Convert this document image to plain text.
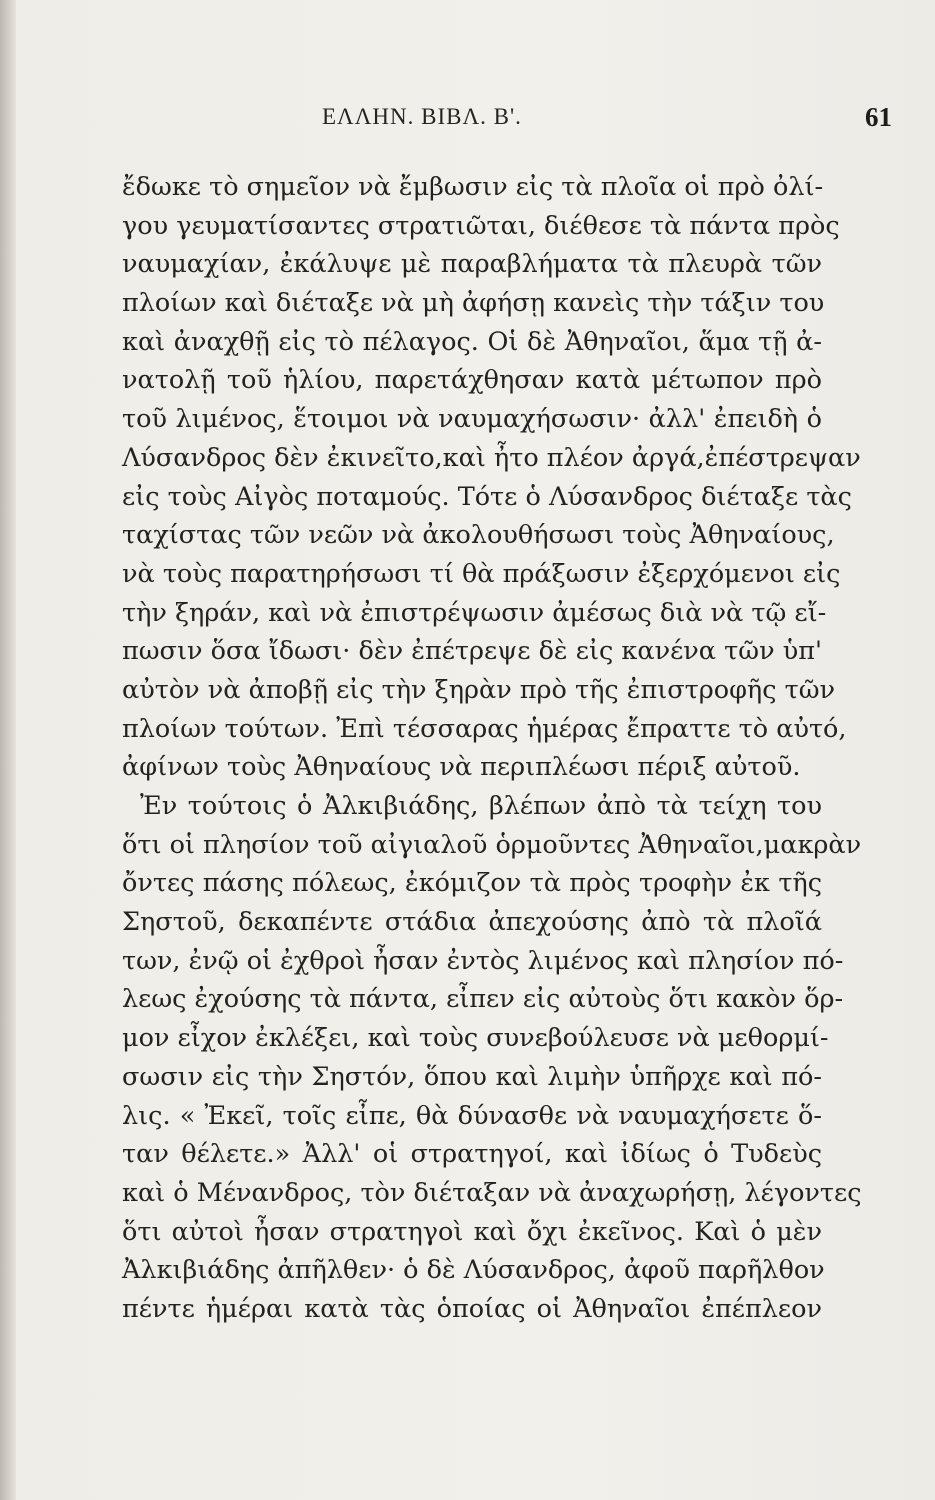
ΕΛΛΗΝ. ΒΙΒΛ. Β'.	61
ἔδωκε τὸ σημεῖον νὰ ἔμβωσιν εἰς τὰ πλοῖα οἱ πρὸ ὀλί-
γου γευματίσαντες στρατιῶται, διέθεσε τὰ πάντα πρὸς
ναυμαχίαν, ἐκάλυψε μὲ παραβλήματα τὰ πλευρὰ τῶν
πλοίων καὶ διέταξε νὰ μὴ ἀφήσῃ κανεὶς τὴν τάξιν του
καὶ ἀναχθῇ εἰς τὸ πέλαγος. Οἱ δὲ Ἀθηναῖοι, ἅμα τῇ ἀ-
νατολῇ τοῦ ἡλίου, παρετάχθησαν κατὰ μέτωπον πρὸ
τοῦ λιμένος, ἕτοιμοι νὰ ναυμαχήσωσιν· ἀλλ' ἐπειδὴ ὁ
Λύσανδρος δὲν ἐκινεῖτο,καὶ ἦτο πλέον ἀργά,ἐπέστρεψαν
εἰς τοὺς Αἰγὸς ποταμούς. Τότε ὁ Λύσανδρος διέταξε τὰς
ταχίστας τῶν νεῶν νὰ ἀκολουθήσωσι τοὺς Ἀθηναίους,
νὰ τοὺς παρατηρήσωσι τί θὰ πράξωσιν ἐξερχόμενοι εἰς
τὴν ξηράν, καὶ νὰ ἐπιστρέψωσιν ἀμέσως διὰ νὰ τῷ εἴ-
πωσιν ὅσα ἴδωσι· δὲν ἐπέτρεψε δὲ εἰς κανένα τῶν ὑπ'
αὐτὸν νὰ ἀποβῇ εἰς τὴν ξηρὰν πρὸ τῆς ἐπιστροφῆς τῶν
πλοίων τούτων. Ἐπὶ τέσσαρας ἡμέρας ἔπραττε τὸ αὐτό,
ἀφίνων τοὺς Ἀθηναίους νὰ περιπλέωσι πέριξ αὐτοῦ.
Ἐν τούτοις ὁ Ἀλκιβιάδης, βλέπων ἀπὸ τὰ τείχη του
ὅτι οἱ πλησίον τοῦ αἰγιαλοῦ ὁρμοῦντες Ἀθηναῖοι,μακρὰν
ὄντες πάσης πόλεως, ἐκόμιζον τὰ πρὸς τροφὴν ἐκ τῆς
Σηστοῦ, δεκαπέντε στάδια ἀπεχούσης ἀπὸ τὰ πλοῖά
των, ἐνῷ οἱ ἐχθροὶ ἦσαν ἐντὸς λιμένος καὶ πλησίον πό-
λεως ἐχούσης τὰ πάντα, εἶπεν εἰς αὐτοὺς ὅτι κακὸν ὅρ-
μον εἶχον ἐκλέξει, καὶ τοὺς συνεβούλευσε νὰ μεθορμί-
σωσιν εἰς τὴν Σηστόν, ὅπου καὶ λιμὴν ὑπῆρχε καὶ πό-
λις. « Ἐκεῖ, τοῖς εἶπε, θὰ δύνασθε νὰ ναυμαχήσετε ὅ-
ταν θέλετε.» Ἀλλ' οἱ στρατηγοί, καὶ ἰδίως ὁ Τυδεὺς
καὶ ὁ Μένανδρος, τὸν διέταξαν νὰ ἀναχωρήσῃ, λέγοντες
ὅτι αὐτοὶ ἦσαν στρατηγοὶ καὶ ὄχι ἐκεῖνος. Καὶ ὁ μὲν
Ἀλκιβιάδης ἀπῆλθεν· ὁ δὲ Λύσανδρος, ἀφοῦ παρῆλθον
πέντε ἡμέραι κατὰ τὰς ὁποίας οἱ Ἀθηναῖοι ἐπέπλεον
